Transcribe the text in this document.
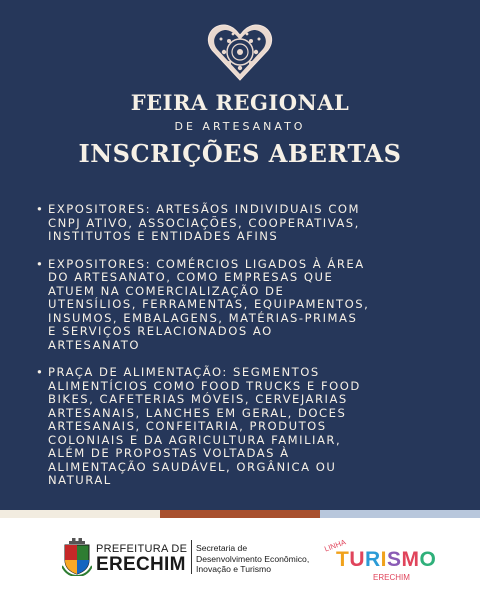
FEIRA REGIONAL
DE ARTESANATO
INSCRIÇÕES ABERTAS
• EXPOSITORES: ARTESÃOS INDIVIDUAIS COM
CNPJ ATIVO, ASSOCIAÇÕES, COOPERATIVAS,
INSTITUTOS E ENTIDADES AFINS
• EXPOSITORES: COMÉRCIOS LIGADOS À ÁREA
DO ARTESANATO, COMO EMPRESAS QUE
ATUEM NA COMERCIALIZAÇÃO DE
UTENSÍLIOS, FERRAMENTAS, EQUIPAMENTOS,
INSUMOS, EMBALAGENS, MATÉRIAS-PRIMAS
E SERVIÇOS RELACIONADOS AO
ARTESANATO
• PRAÇA DE ALIMENTAÇÃO: SEGMENTOS
ALIMENTÍCIOS COMO FOOD TRUCKS E FOOD
BIKES, CAFETERIAS MÓVEIS, CERVEJARIAS
ARTESANAIS, LANCHES EM GERAL, DOCES
ARTESANAIS, CONFEITARIA, PRODUTOS
COLONIAIS E DA AGRICULTURA FAMILIAR,
ALÉM DE PROPOSTAS VOLTADAS À
ALIMENTAÇÃO SAUDÁVEL, ORGÂNICA OU
NATURAL
PREFEITURA DE
ERECHIM
Secretaria de
Desenvolvimento Econômico,
Inovação e Turismo
LINHA
TURISMO
ERECHIM
